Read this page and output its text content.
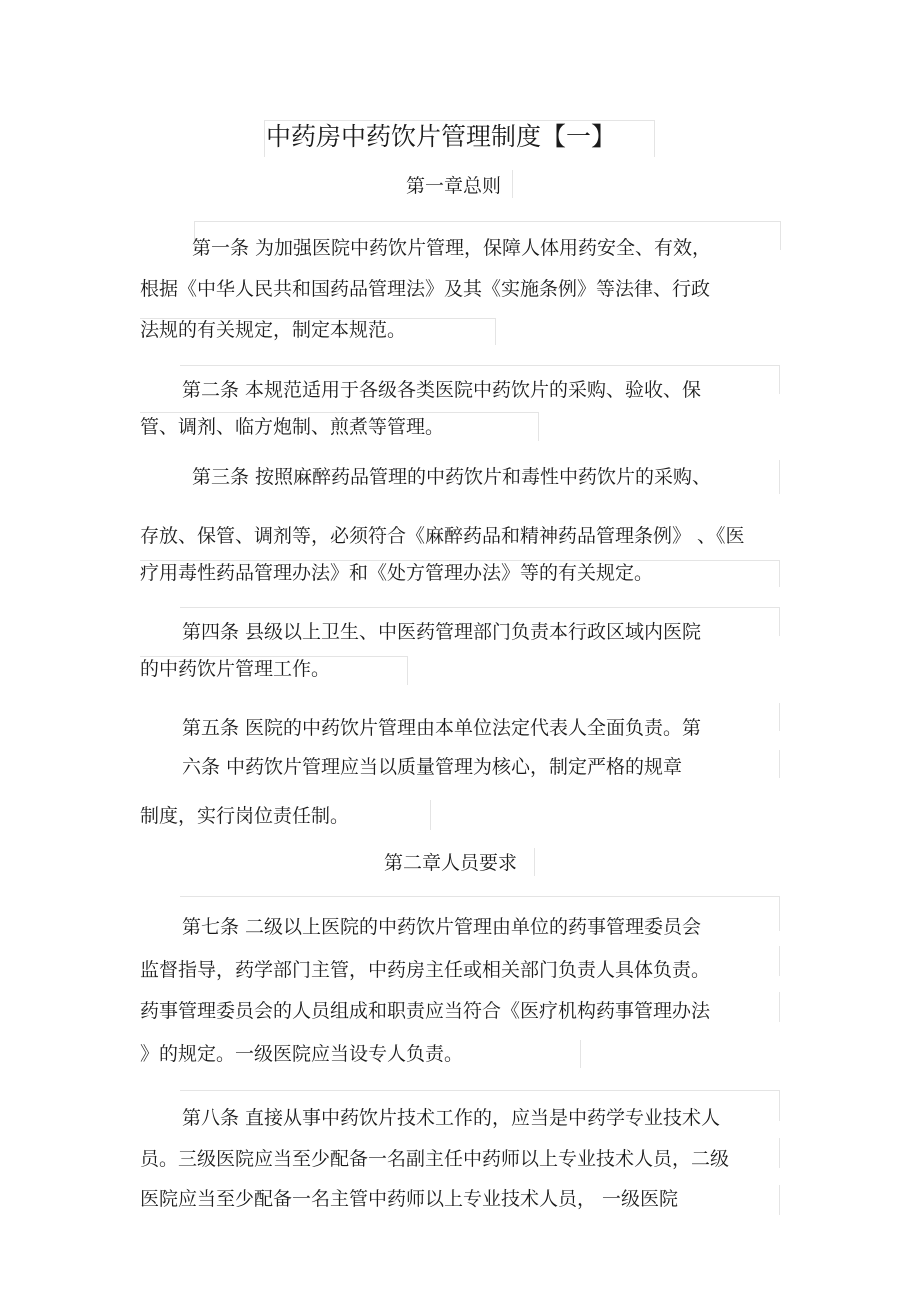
中药房中药饮片管理制度【一】
第一章总则
第一条 为加强医院中药饮片管理，保障人体用药安全、有效，
根据《中华人民共和国药品管理法》及其《实施条例》等法律、行政
法规的有关规定，制定本规范。
第二条 本规范适用于各级各类医院中药饮片的采购、验收、保
管、调剂、临方炮制、煎煮等管理。
第三条 按照麻醉药品管理的中药饮片和毒性中药饮片的采购、
存放、保管、调剂等，必须符合《麻醉药品和精神药品管理条例》 、《医
疗用毒性药品管理办法》和《处方管理办法》等的有关规定。
第四条 县级以上卫生、中医药管理部门负责本行政区域内医院
的中药饮片管理工作。
第五条 医院的中药饮片管理由本单位法定代表人全面负责。第
六条 中药饮片管理应当以质量管理为核心，制定严格的规章
制度，实行岗位责任制。
第二章人员要求
第七条 二级以上医院的中药饮片管理由单位的药事管理委员会
监督指导，药学部门主管，中药房主任或相关部门负责人具体负责。
药事管理委员会的人员组成和职责应当符合《医疗机构药事管理办法
》的规定。一级医院应当设专人负责。
第八条 直接从事中药饮片技术工作的，应当是中药学专业技术人
员。三级医院应当至少配备一名副主任中药师以上专业技术人员，二级
医院应当至少配备一名主管中药师以上专业技术人员， 一级医院
